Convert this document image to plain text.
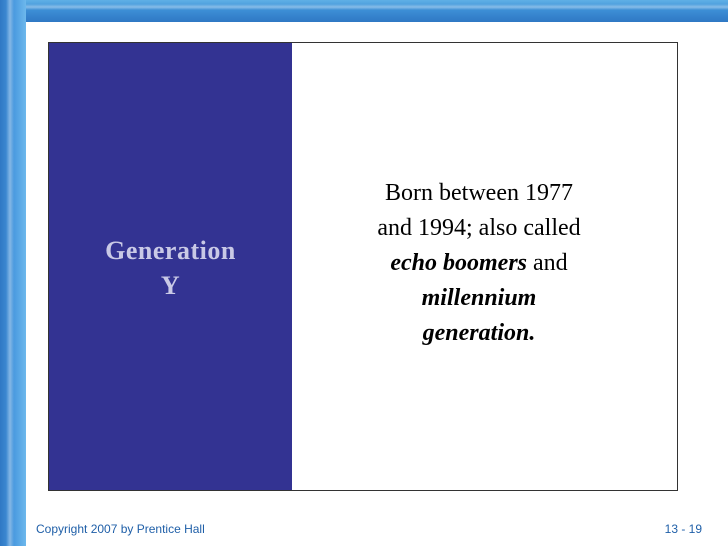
Generation
Y
Born between 1977
and 1994; also called
echo boomers and
millennium
generation.
Copyright 2007 by Prentice Hall	13 - 19
